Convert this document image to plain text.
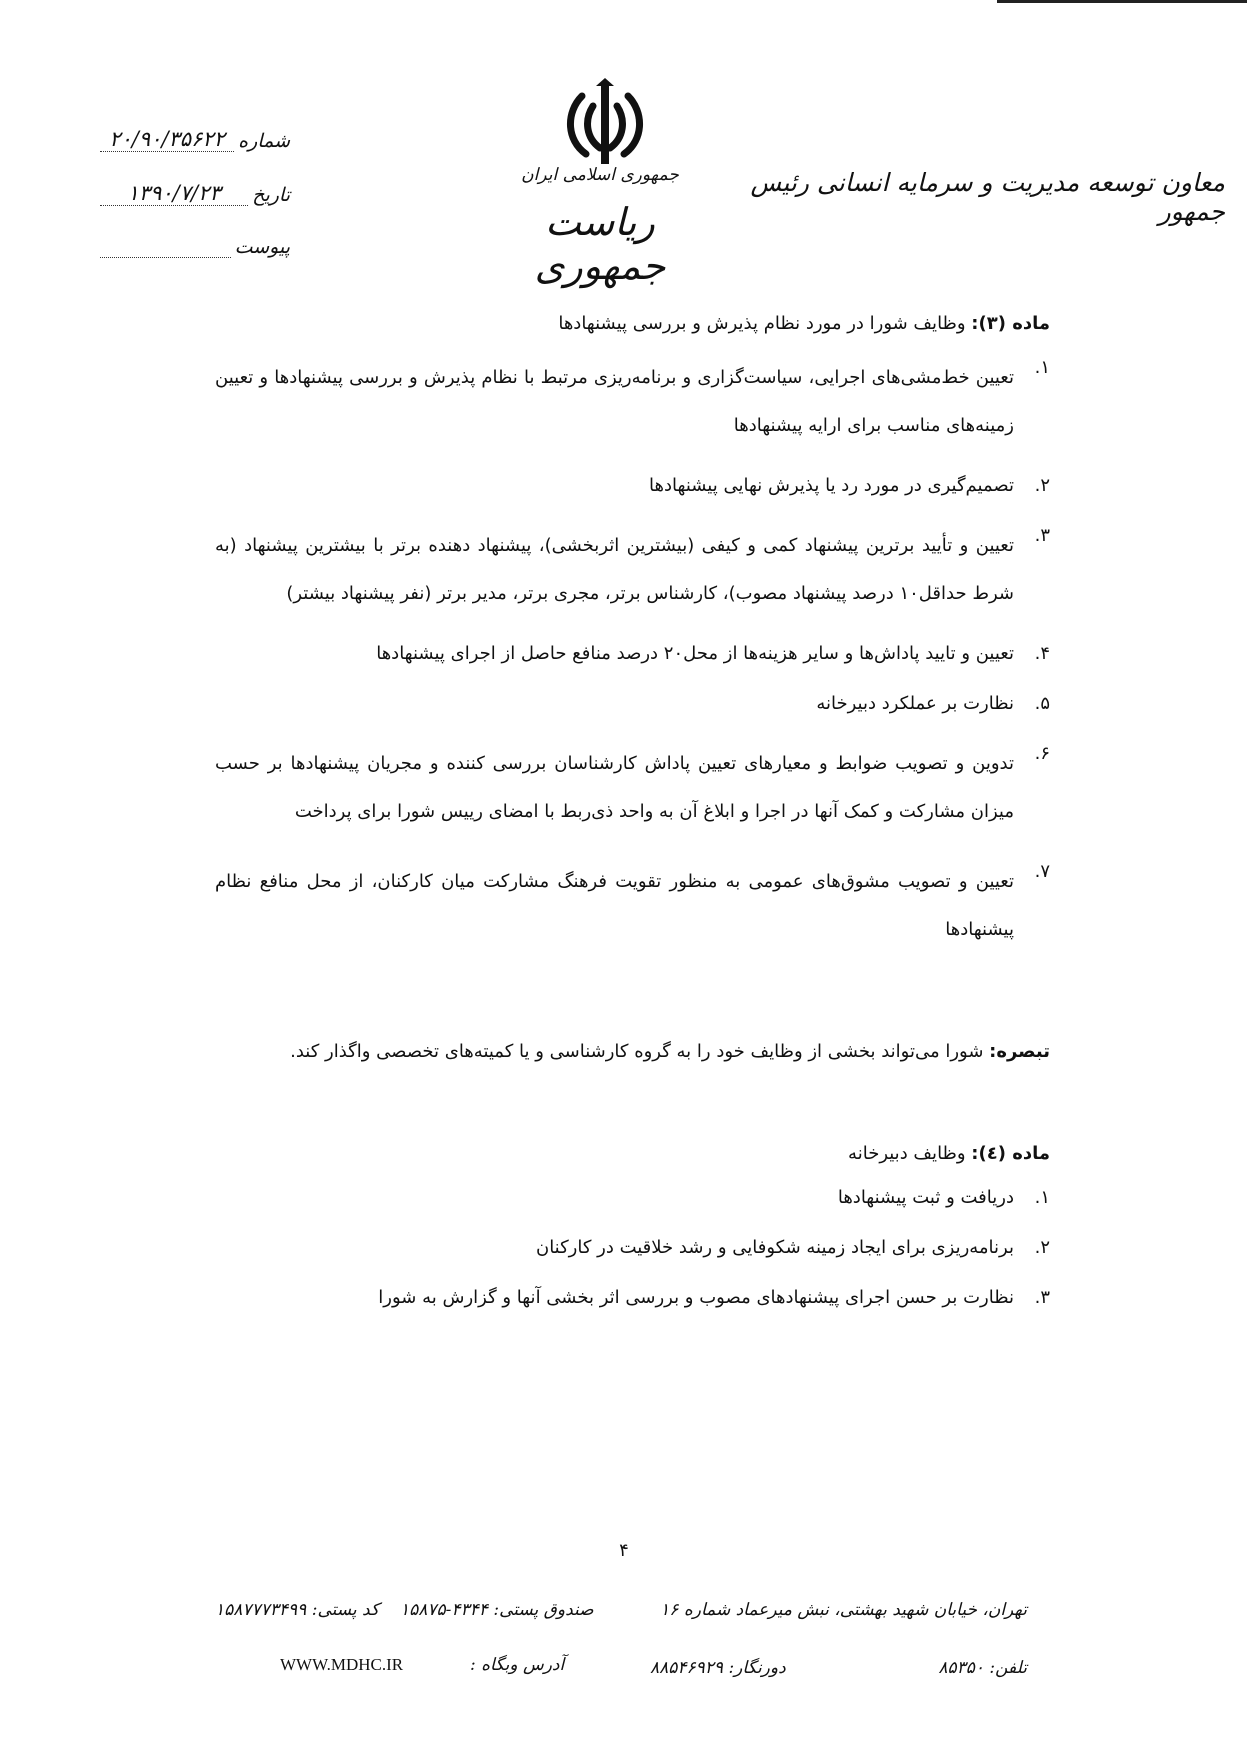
جمهوری اسلامی ایران
ریاست جمهوری
معاون توسعه مدیریت و سرمایه انسانی رئیس جمهور
شماره
۲۰/۹۰/۳۵۶۲۲
تاریخ
۱۳۹۰/۷/۲۳
پیوست

ماده (۳): وظایف شورا در مورد نظام پذیرش و بررسی پیشنهادها

۱.
تعیین خط‌مشی‌های اجرایی، سیاست‌گزاری و برنامه‌ریزی مرتبط با نظام پذیرش و بررسی پیشنهادها و تعیین زمینه‌های مناسب برای ارایه پیشنهادها
۲.
تصمیم‌گیری در مورد رد یا پذیرش نهایی پیشنهادها
۳.
تعیین و تأیید برترین پیشنهاد کمی و کیفی (بیشترین اثربخشی)، پیشنهاد دهنده برتر با بیشترین پیشنهاد (به شرط حداقل۱۰ درصد پیشنهاد مصوب)، کارشناس برتر، مجری برتر، مدیر برتر (نفر پیشنهاد بیشتر)
۴.
تعیین و تایید پاداش‌ها و سایر هزینه‌ها از محل۲۰ درصد منافع حاصل از اجرای پیشنهادها
۵.
نظارت بر عملکرد دبیرخانه
۶.
تدوین و تصویب ضوابط و معیارهای تعیین پاداش کارشناسان بررسی کننده و مجریان پیشنهادها بر حسب میزان مشارکت و کمک آنها در اجرا و ابلاغ آن به واحد ذی‌ربط با امضای رییس شورا برای پرداخت
۷.
تعیین و تصویب مشوق‌های عمومی به منظور تقویت فرهنگ مشارکت میان کارکنان، از محل منافع نظام پیشنهادها

تبصره: شورا می‌تواند بخشی از وظایف خود را به گروه کارشناسی و یا کمیته‌های تخصصی واگذار کند.

ماده (٤): وظایف دبیرخانه

۱.
دریافت و ثبت پیشنهادها
۲.
برنامه‌ریزی برای ایجاد زمینه شکوفایی و رشد خلاقیت در کارکنان
۳.
نظارت بر حسن اجرای پیشنهادهای مصوب و بررسی اثر بخشی آنها و گزارش به شورا
۴
تهران، خیابان شهید بهشتی، نبش میرعماد شماره ۱۶
صندوق پستی: ۴۳۴۴-۱۵۸۷۵
کد پستی: ۱۵۸۷۷۷۳۴۹۹
تلفن: ۸۵۳۵۰
دورنگار: ۸۸۵۴۶۹۲۹
آدرس وبگاه :
WWW.MDHC.IR
